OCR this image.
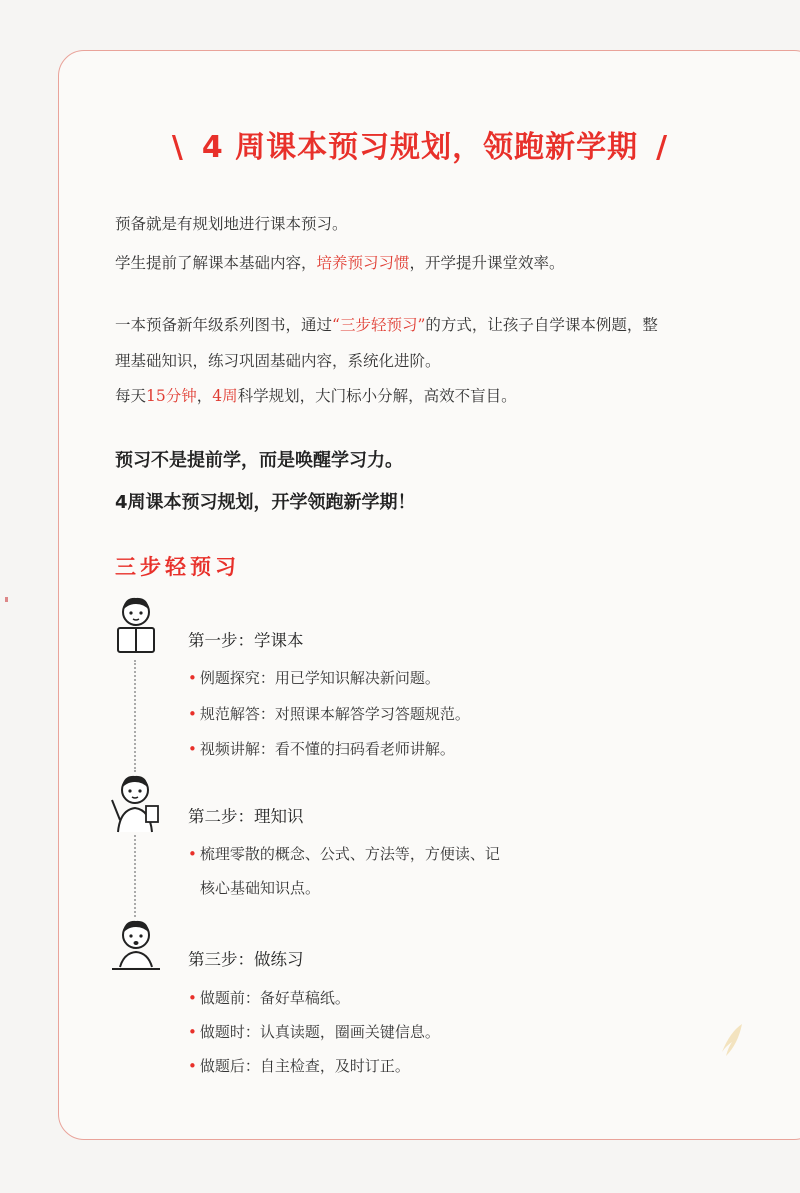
\ 4 周课本预习规划，领跑新学期 /
预备就是有规划地进行课本预习。
学生提前了解课本基础内容，培养预习习惯，开学提升课堂效率。
一本预备新年级系列图书，通过“三步轻预习”的方式，让孩子自学课本例题，整
理基础知识，练习巩固基础内容，系统化进阶。
每天15分钟，4周科学规划，大门标小分解，高效不盲目。
预习不是提前学，而是唤醒学习力。
4周课本预习规划，开学领跑新学期！
三步轻预习
第一步：学课本
• 例题探究：用已学知识解决新问题。
• 规范解答：对照课本解答学习答题规范。
• 视频讲解：看不懂的扫码看老师讲解。
第二步：理知识
• 梳理零散的概念、公式、方法等，方便读、记
核心基础知识点。
第三步：做练习
• 做题前：备好草稿纸。
• 做题时：认真读题，圈画关键信息。
• 做题后：自主检查，及时订正。
